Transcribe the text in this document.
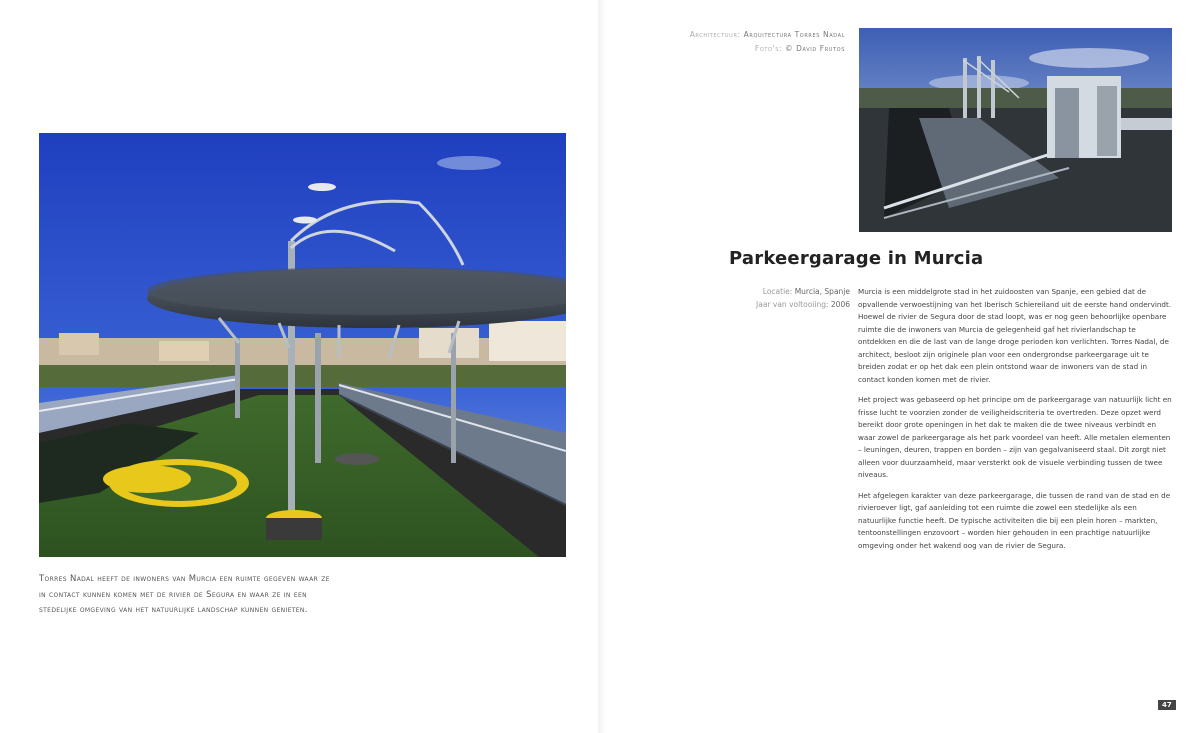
Torres Nadal heeft de inwoners van Murcia een ruimte gegeven waar ze in contact kunnen komen met de rivier de Segura en waar ze in een stedelijke omgeving van het natuurlijke landschap kunnen genieten.
Architectuur: Arquitectura Torres Nadal
Foto's: © David Frutos
Parkeergarage in Murcia
Locatie: Murcia, Spanje
Jaar van voltooiing: 2006

Murcia is een middelgrote stad in het zuidoosten van Spanje, een gebied dat de opvallende verwoestijning van het Iberisch Schiereiland uit de eerste hand ondervindt. Hoewel de rivier de Segura door de stad loopt, was er nog geen behoorlijke openbare ruimte die de inwoners van Murcia de gelegenheid gaf het rivierlandschap te ontdekken en die de last van de lange droge perioden kon verlichten. Torres Nadal, de architect, besloot zijn originele plan voor een ondergrondse parkeergarage uit te breiden zodat er op het dak een plein ontstond waar de inwoners van de stad in contact konden komen met de rivier.

Het project was gebaseerd op het principe om de parkeergarage van natuurlijk licht en frisse lucht te voorzien zonder de veiligheidscriteria te overtreden. Deze opzet werd bereikt door grote openingen in het dak te maken die de twee niveaus verbindt en waar zowel de parkeergarage als het park voordeel van heeft. Alle metalen elementen – leuningen, deuren, trappen en borden – zijn van gegalvaniseerd staal. Dit zorgt niet alleen voor duurzaamheid, maar versterkt ook de visuele verbinding tussen de twee niveaus.

Het afgelegen karakter van deze parkeergarage, die tussen de rand van de stad en de rivieroever ligt, gaf aanleiding tot een ruimte die zowel een stedelijke als een natuurlijke functie heeft. De typische activiteiten die bij een plein horen – markten, tentoonstellingen enzovoort – worden hier gehouden in een prachtige natuurlijke omgeving onder het wakend oog van de rivier de Segura.

47
